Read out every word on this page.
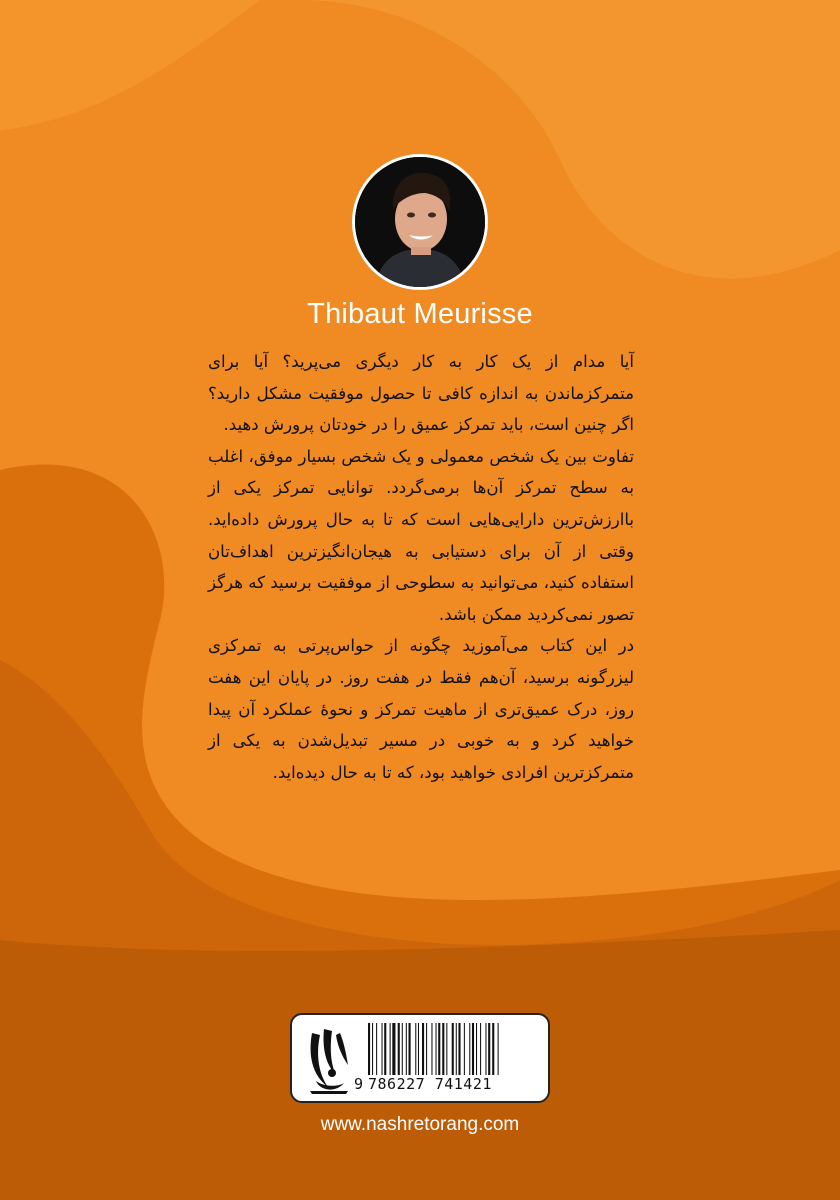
Thibaut Meurisse

آیا مدام از یک کار به کار دیگری می‌پرید؟ آیا برای متمرکزماندن به اندازه کافی تا حصول موفقیت مشکل دارید؟ اگر چنین است، باید تمرکز عمیق را در خودتان پرورش دهید.

تفاوت بین یک شخص معمولی و یک شخص بسیار موفق، اغلب به سطح تمرکز آن‌ها برمی‌گردد. توانایی تمرکز یکی از باارزش‌ترین دارایی‌هایی است که تا به حال پرورش داده‌اید. وقتی از آن برای دستیابی به هیجان‌انگیزترین اهداف‌تان استفاده کنید، می‌توانید به سطوحی از موفقیت برسید که هرگز تصور نمی‌کردید ممکن باشد.

در این کتاب می‌آموزید چگونه از حواس‌پرتی به تمرکزی لیزرگونه برسید، آن‌هم فقط در هفت روز. در پایان این هفت روز، درک عمیق‌تری از ماهیت تمرکز و نحوهٔ عملکرد آن پیدا خواهید کرد و به خوبی در مسیر تبدیل‌شدن به یکی از متمرکزترین افرادی خواهید بود، که تا به حال دیده‌اید.

9 786227 741421
www.nashretorang.com
